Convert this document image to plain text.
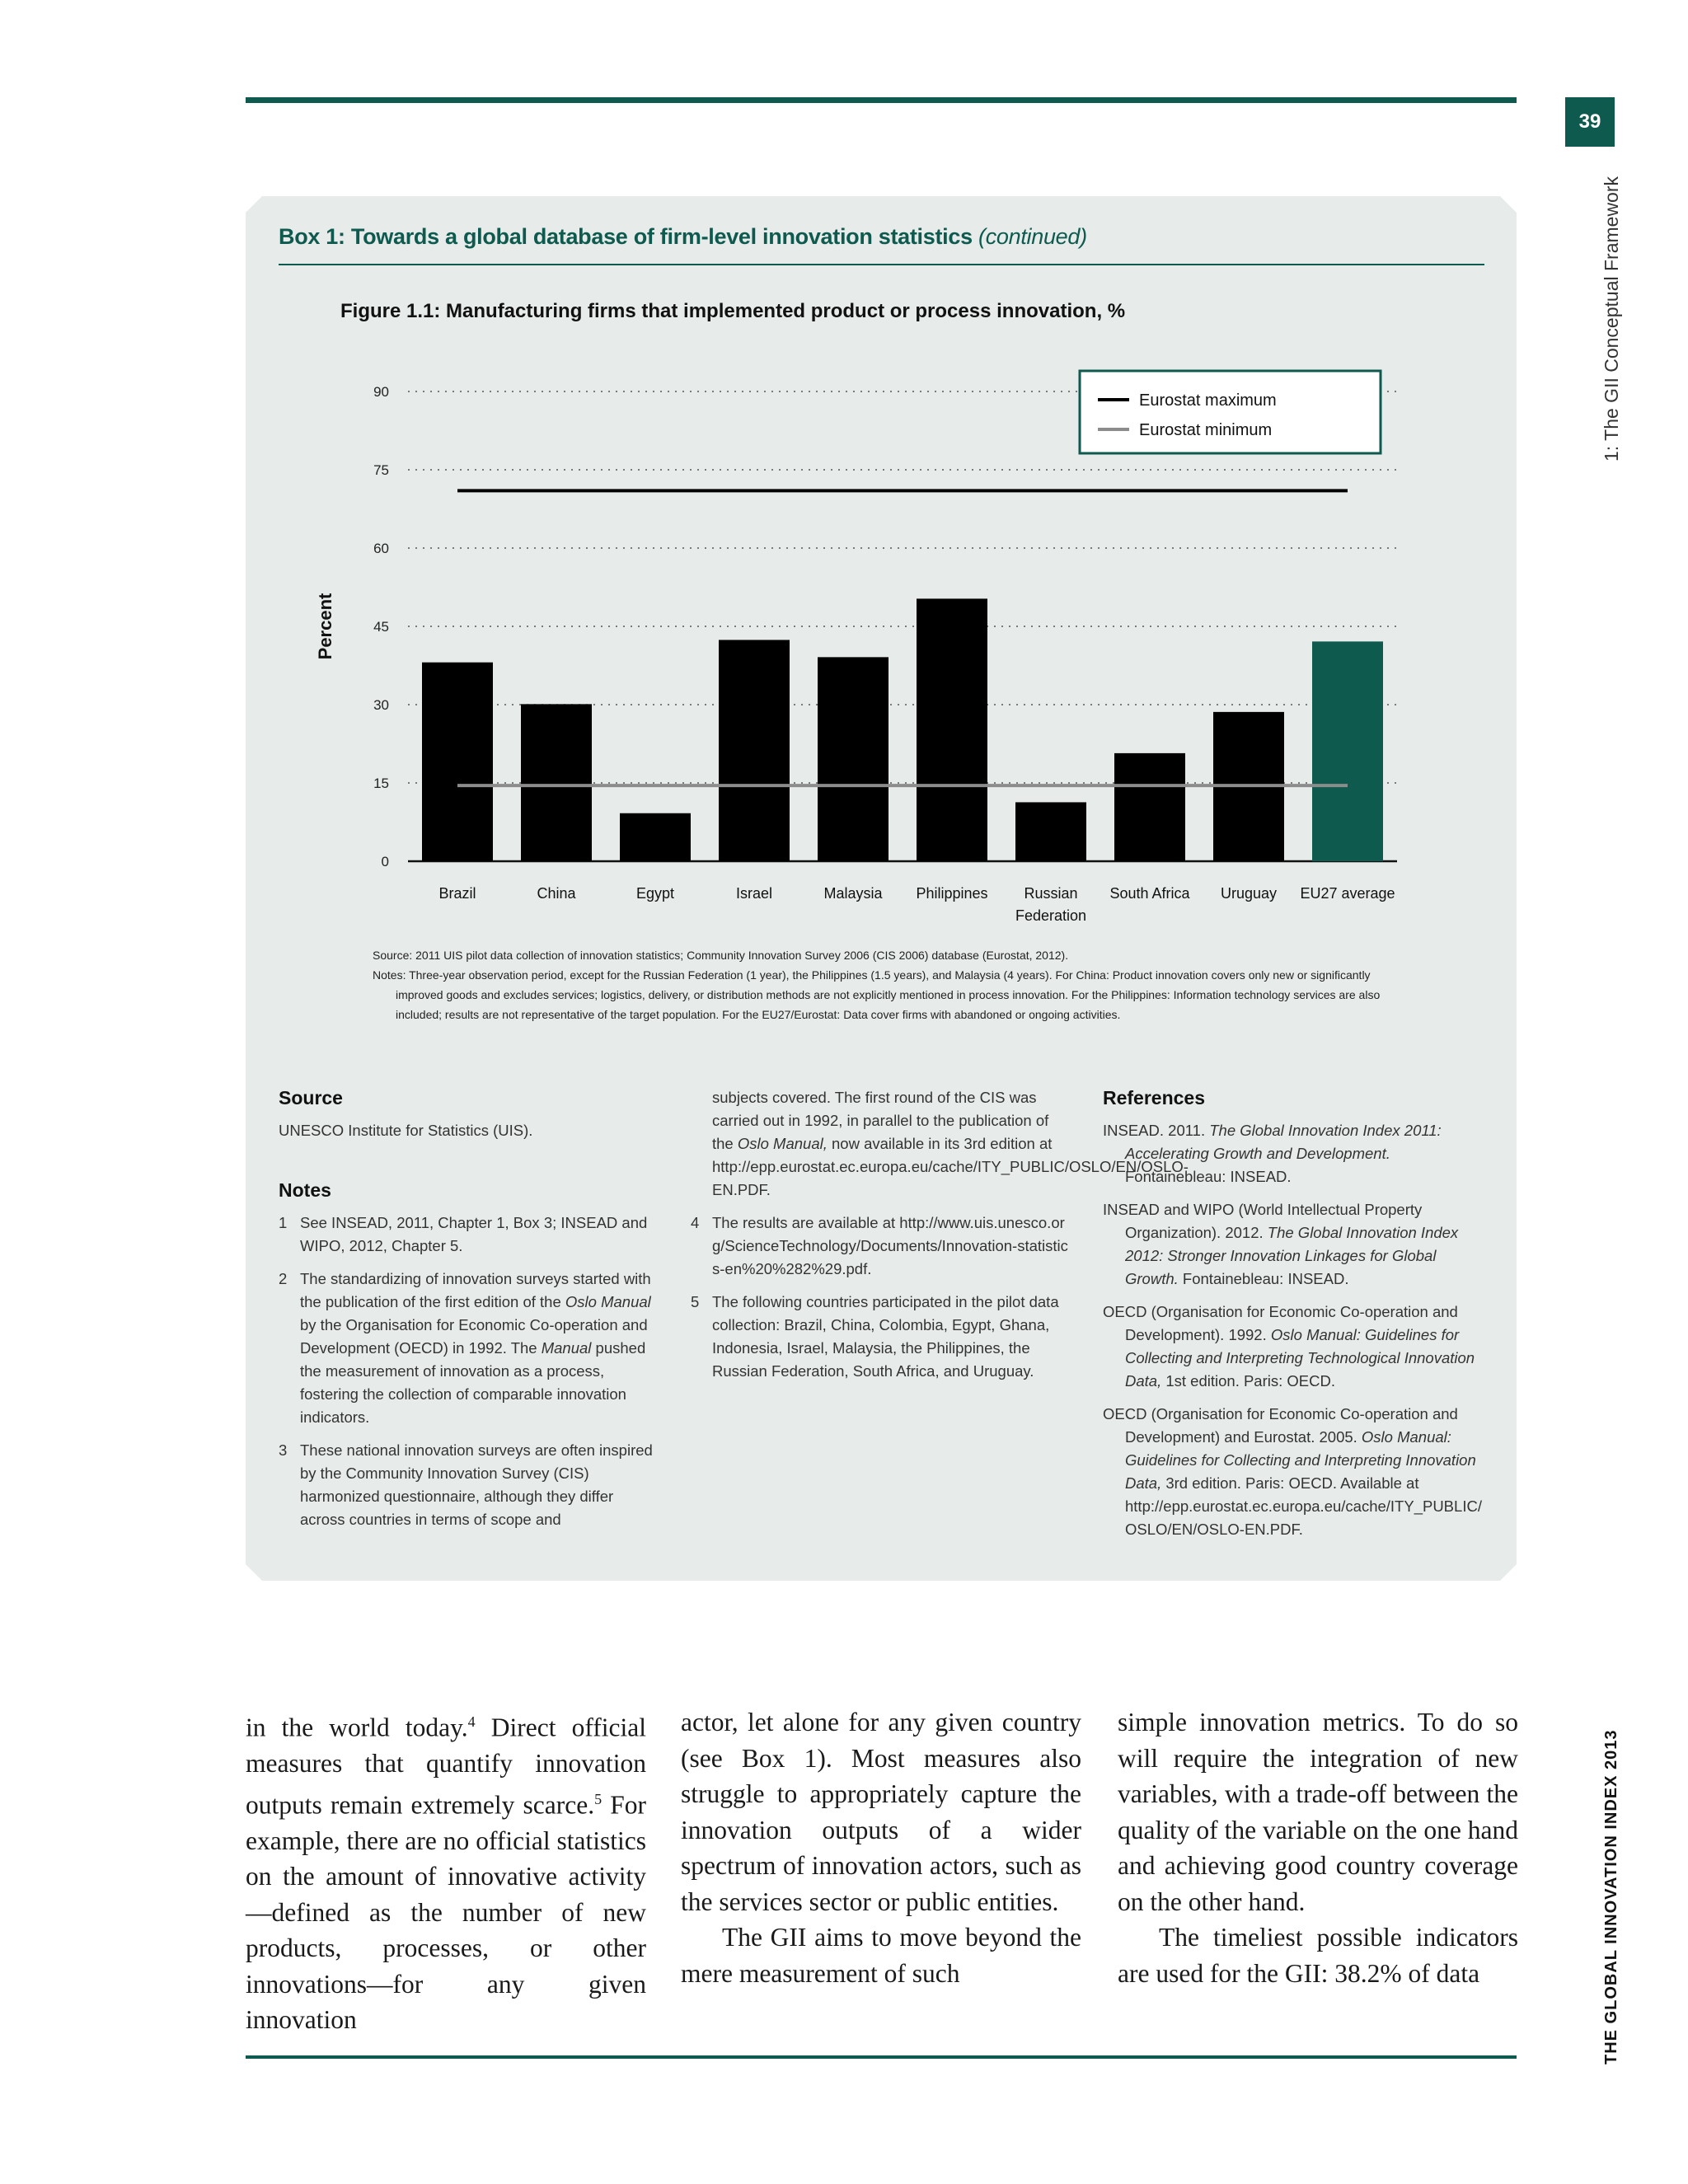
39
1: The GII Conceptual Framework
THE GLOBAL INNOVATION INDEX 2013
Box 1: Towards a global database of firm-level innovation statistics (continued)
Figure 1.1: Manufacturing firms that implemented product or process innovation, %
Percent
0
15
30
45
60
75
90
Brazil	China	Egypt	Israel	Malaysia Philippines Russian
Federation
South Africa Uruguay EU27 average
Eurostat maximum
Eurostat minimum

Source: 2011 UIS pilot data collection of innovation statistics; Community Innovation Survey 2006 (CIS 2006) database (Eurostat, 2012).

Notes: Three-year observation period, except for the Russian Federation (1 year), the Philippines (1.5 years), and Malaysia (4 years). For China: Product innovation covers only new or significantly improved goods and excludes services; logistics, delivery, or distribution methods are not explicitly mentioned in process innovation. For the Philippines: Information technology services are also included; results are not representative of the target population. For the EU27/Eurostat: Data cover firms with abandoned or ongoing activities.

Source

UNESCO Institute for Statistics (UIS).

Notes
1 See INSEAD, 2011, Chapter 1, Box 3; INSEAD and WIPO, 2012, Chapter 5.
2 The standardizing of innovation surveys started with the publication of the first edition of the Oslo Manual by the Organisation for Economic Co-operation and Development (OECD) in 1992. The Manual pushed the measurement of innovation as a process, fostering the collection of comparable innovation indicators.
3 These national innovation surveys are often inspired by the Community Innovation Survey (CIS) harmonized questionnaire, although they differ across countries in terms of scope and

subjects covered. The first round of the CIS was carried out in 1992, in parallel to the publication of the Oslo Manual, now available in its 3rd edition at http://epp.eurostat.ec.europa.eu/cache/ITY_PUBLIC/OSLO/EN/OSLO-EN.PDF.

4 The results are available at http://www.uis.unesco.org/ScienceTechnology/Documents/Innovation-statistics-en%20%282%29.pdf.
5 The following countries participated in the pilot data collection: Brazil, China, Colombia, Egypt, Ghana, Indonesia, Israel, Malaysia, the Philippines, the Russian Federation, South Africa, and Uruguay.
References

INSEAD. 2011. The Global Innovation Index 2011: Accelerating Growth and Development. Fontainebleau: INSEAD.

INSEAD and WIPO (World Intellectual Property Organization). 2012. The Global Innovation Index 2012: Stronger Innovation Linkages for Global Growth. Fontainebleau: INSEAD.

OECD (Organisation for Economic Co-operation and Development). 1992. Oslo Manual: Guidelines for Collecting and Interpreting Technological Innovation Data, 1st edition. Paris: OECD.

OECD (Organisation for Economic Co-operation and Development) and Eurostat. 2005. Oslo Manual: Guidelines for Collecting and Interpreting Innovation Data, 3rd edition. Paris: OECD. Available at http://epp.eurostat.ec.europa.eu/cache/ITY_PUBLIC/OSLO/EN/OSLO-EN.PDF.

in the world today.$^4$ Direct official measures that quantify innovation outputs remain extremely scarce.$^5$ For example, there are no official statistics on the amount of innovative activity—defined as the number of new products, processes, or other innovations—for any given innovation

actor, let alone for any given country (see Box 1). Most measures also struggle to appropriately capture the innovation outputs of a wider spectrum of innovation actors, such as the services sector or public entities.

The GII aims to move beyond the mere measurement of such

simple innovation metrics. To do so will require the integration of new variables, with a trade-off between the quality of the variable on the one hand and achieving good country coverage on the other hand.

The timeliest possible indicators are used for the GII: 38.2% of data
